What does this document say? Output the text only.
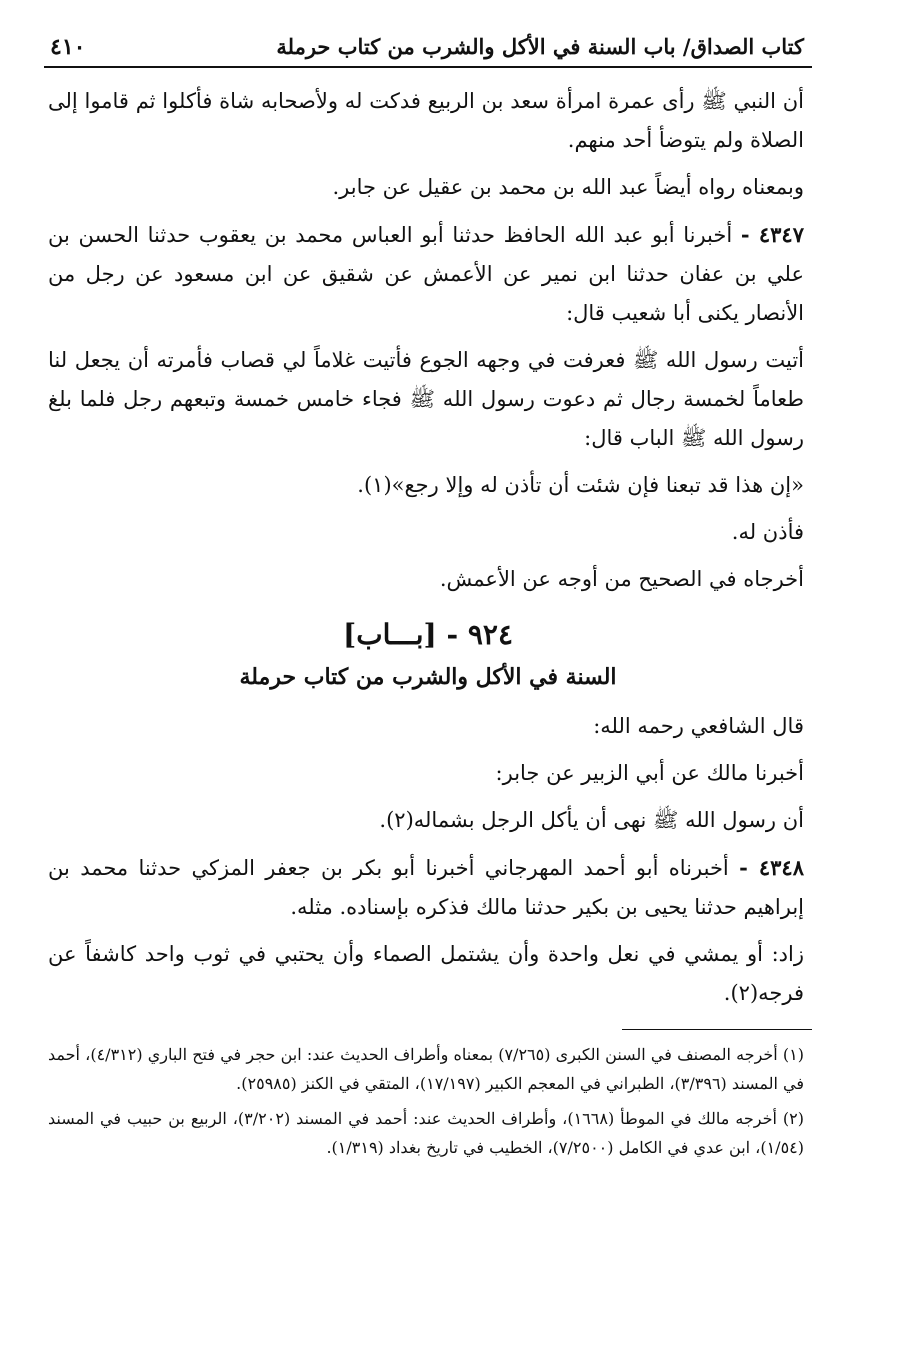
كتاب الصداق/ باب السنة في الأكل والشرب من كتاب حرملة
٤١٠

أن النبي ﷺ رأى عمرة امرأة سعد بن الربيع فدكت له ولأصحابه شاة فأكلوا ثم قاموا إلى الصلاة ولم يتوضأ أحد منهم.

وبمعناه رواه أيضاً عبد الله بن محمد بن عقيل عن جابر.

٤٣٤٧ - أخبرنا أبو عبد الله الحافظ حدثنا أبو العباس محمد بن يعقوب حدثنا الحسن بن علي بن عفان حدثنا ابن نمير عن الأعمش عن شقيق عن ابن مسعود عن رجل من الأنصار يكنى أبا شعيب قال:

أتيت رسول الله ﷺ فعرفت في وجهه الجوع فأتيت غلاماً لي قصاب فأمرته أن يجعل لنا طعاماً لخمسة رجال ثم دعوت رسول الله ﷺ فجاء خامس خمسة وتبعهم رجل فلما بلغ رسول الله ﷺ الباب قال:

«إن هذا قد تبعنا فإن شئت أن تأذن له وإلا رجع»(١).

فأذن له.

أخرجاه في الصحيح من أوجه عن الأعمش.

٩٢٤ - [بـــاب]
السنة في الأكل والشرب من كتاب حرملة

قال الشافعي رحمه الله:

أخبرنا مالك عن أبي الزبير عن جابر:

أن رسول الله ﷺ نهى أن يأكل الرجل بشماله(٢).

٤٣٤٨ - أخبرناه أبو أحمد المهرجاني أخبرنا أبو بكر بن جعفر المزكي حدثنا محمد بن إبراهيم حدثنا يحيى بن بكير حدثنا مالك فذكره بإسناده. مثله.

زاد: أو يمشي في نعل واحدة وأن يشتمل الصماء وأن يحتبي في ثوب واحد كاشفاً عن فرجه(٢).

(١) أخرجه المصنف في السنن الكبرى (٧/٢٦٥) بمعناه وأطراف الحديث عند: ابن حجر في فتح الباري (٤/٣١٢)، أحمد في المسند (٣/٣٩٦)، الطبراني في المعجم الكبير (١٧/١٩٧)، المتقي في الكنز (٢٥٩٨٥).

(٢) أخرجه مالك في الموطأ (١٦٦٨)، وأطراف الحديث عند: أحمد في المسند (٣/٢٠٢)، الربيع بن حبيب في المسند (١/٥٤)، ابن عدي في الكامل (٧/٢٥٠٠)، الخطيب في تاريخ بغداد (١/٣١٩).
